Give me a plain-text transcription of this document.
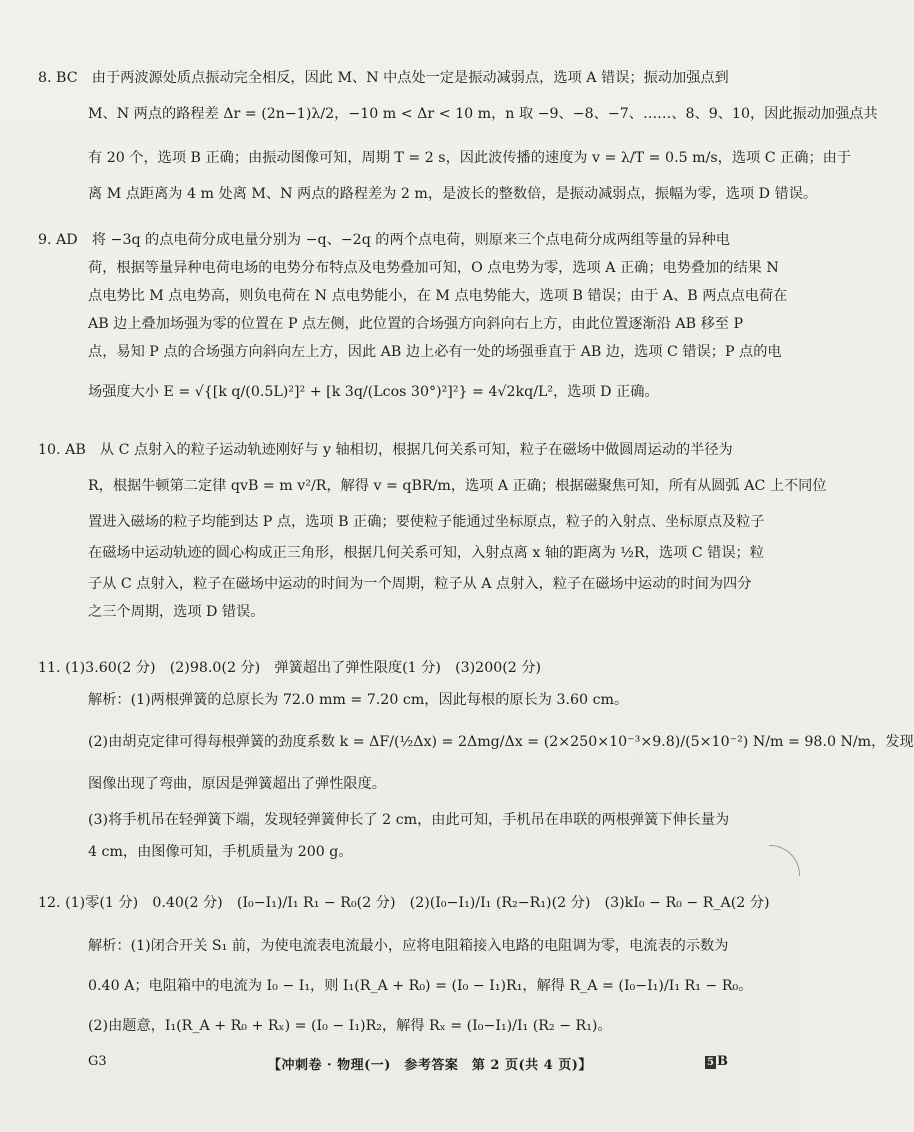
8. BC　由于两波源处质点振动完全相反，因此 M、N 中点处一定是振动减弱点，选项 A 错误；振动加强点到
M、N 两点的路程差 Δr = (2n−1)λ/2，−10 m < Δr < 10 m，n 取 −9、−8、−7、……、8、9、10，因此振动加强点共
有 20 个，选项 B 正确；由振动图像可知，周期 T = 2 s，因此波传播的速度为 v = λ/T = 0.5 m/s，选项 C 正确；由于
离 M 点距离为 4 m 处离 M、N 两点的路程差为 2 m，是波长的整数倍，是振动减弱点，振幅为零，选项 D 错误。
9. AD　将 −3q 的点电荷分成电量分别为 −q、−2q 的两个点电荷，则原来三个点电荷分成两组等量的异种电
荷，根据等量异种电荷电场的电势分布特点及电势叠加可知，O 点电势为零，选项 A 正确；电势叠加的结果 N
点电势比 M 点电势高，则负电荷在 N 点电势能小，在 M 点电势能大，选项 B 错误；由于 A、B 两点点电荷在
AB 边上叠加场强为零的位置在 P 点左侧，此位置的合场强方向斜向右上方，由此位置逐渐沿 AB 移至 P
点，易知 P 点的合场强方向斜向左上方，因此 AB 边上必有一处的场强垂直于 AB 边，选项 C 错误；P 点的电
场强度大小 E = √{[k q/(0.5L)²]² + [k 3q/(Lcos 30°)²]²} = 4√2kq/L²，选项 D 正确。
10. AB　从 C 点射入的粒子运动轨迹刚好与 y 轴相切，根据几何关系可知，粒子在磁场中做圆周运动的半径为
R，根据牛顿第二定律 qvB = m v²/R，解得 v = qBR/m，选项 A 正确；根据磁聚焦可知，所有从圆弧 AC 上不同位
置进入磁场的粒子均能到达 P 点，选项 B 正确；要使粒子能通过坐标原点，粒子的入射点、坐标原点及粒子
在磁场中运动轨迹的圆心构成正三角形，根据几何关系可知，入射点离 x 轴的距离为 ½R，选项 C 错误；粒
子从 C 点射入，粒子在磁场中运动的时间为一个周期，粒子从 A 点射入，粒子在磁场中运动的时间为四分
之三个周期，选项 D 错误。
11. (1)3.60(2 分)　(2)98.0(2 分)　弹簧超出了弹性限度(1 分)　(3)200(2 分)
解析：(1)两根弹簧的总原长为 72.0 mm = 7.20 cm，因此每根的原长为 3.60 cm。
(2)由胡克定律可得每根弹簧的劲度系数 k = ΔF/(½Δx) = 2Δmg/Δx = (2×250×10⁻³×9.8)/(5×10⁻²) N/m = 98.0 N/m，发现
图像出现了弯曲，原因是弹簧超出了弹性限度。
(3)将手机吊在轻弹簧下端，发现轻弹簧伸长了 2 cm，由此可知，手机吊在串联的两根弹簧下伸长量为
4 cm，由图像可知，手机质量为 200 g。
12. (1)零(1 分)　0.40(2 分)　(I₀−I₁)/I₁ R₁ − R₀(2 分)　(2)(I₀−I₁)/I₁ (R₂−R₁)(2 分)　(3)kI₀ − R₀ − R_A(2 分)
解析：(1)闭合开关 S₁ 前，为使电流表电流最小，应将电阻箱接入电路的电阻调为零，电流表的示数为
0.40 A；电阻箱中的电流为 I₀ − I₁，则 I₁(R_A + R₀) = (I₀ − I₁)R₁，解得 R_A = (I₀−I₁)/I₁ R₁ − R₀。
(2)由题意，I₁(R_A + R₀ + Rₓ) = (I₀ − I₁)R₂，解得 Rₓ = (I₀−I₁)/I₁ (R₂ − R₁)。
G3	【冲刺卷 · 物理(一)　参考答案　第 2 页(共 4 页)】	5 B
